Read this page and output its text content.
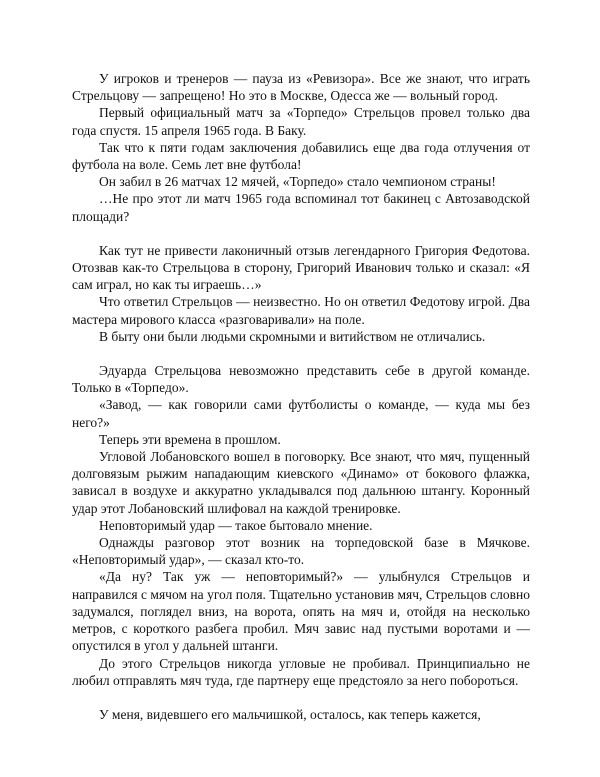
У игроков и тренеров — пауза из «Ревизора». Все же знают, что играть Стрельцову — запрещено! Но это в Москве, Одесса же — вольный город.

Первый официальный матч за «Торпедо» Стрельцов провел только два года спустя. 15 апреля 1965 года. В Баку.

Так что к пяти годам заключения добавились еще два года отлучения от футбола на воле. Семь лет вне футбола!

Он забил в 26 матчах 12 мячей, «Торпедо» стало чемпионом страны!

…Не про этот ли матч 1965 года вспоминал тот бакинец с Автозаводской площади?

Как тут не привести лаконичный отзыв легендарного Григория Федотова. Отозвав как-то Стрельцова в сторону, Григорий Иванович только и сказал: «Я сам играл, но как ты играешь…»

Что ответил Стрельцов — неизвестно. Но он ответил Федотову игрой. Два мастера мирового класса «разговаривали» на поле.

В быту они были людьми скромными и витийством не отличались.

Эдуарда Стрельцова невозможно представить себе в другой команде. Только в «Торпедо».

«Завод, — как говорили сами футболисты о команде, — куда мы без него?»

Теперь эти времена в прошлом.

Угловой Лобановского вошел в поговорку. Все знают, что мяч, пущенный долговязым рыжим нападающим киевского «Динамо» от бокового флажка, зависал в воздухе и аккуратно укладывался под дальнюю штангу. Коронный удар этот Лобановский шлифовал на каждой тренировке.

Неповторимый удар — такое бытовало мнение.

Однажды разговор этот возник на торпедовской базе в Мячкове. «Неповторимый удар», — сказал кто-то.

«Да ну? Так уж — неповторимый?» — улыбнулся Стрельцов и направился с мячом на угол поля. Тщательно установив мяч, Стрельцов словно задумался, поглядел вниз, на ворота, опять на мяч и, отойдя на несколько метров, с короткого разбега пробил. Мяч завис над пустыми воротами и — опустился в угол у дальней штанги.

До этого Стрельцов никогда угловые не пробивал. Принципиально не любил отправлять мяч туда, где партнеру еще предстояло за него побороться.

У меня, видевшего его мальчишкой, осталось, как теперь кажется,
